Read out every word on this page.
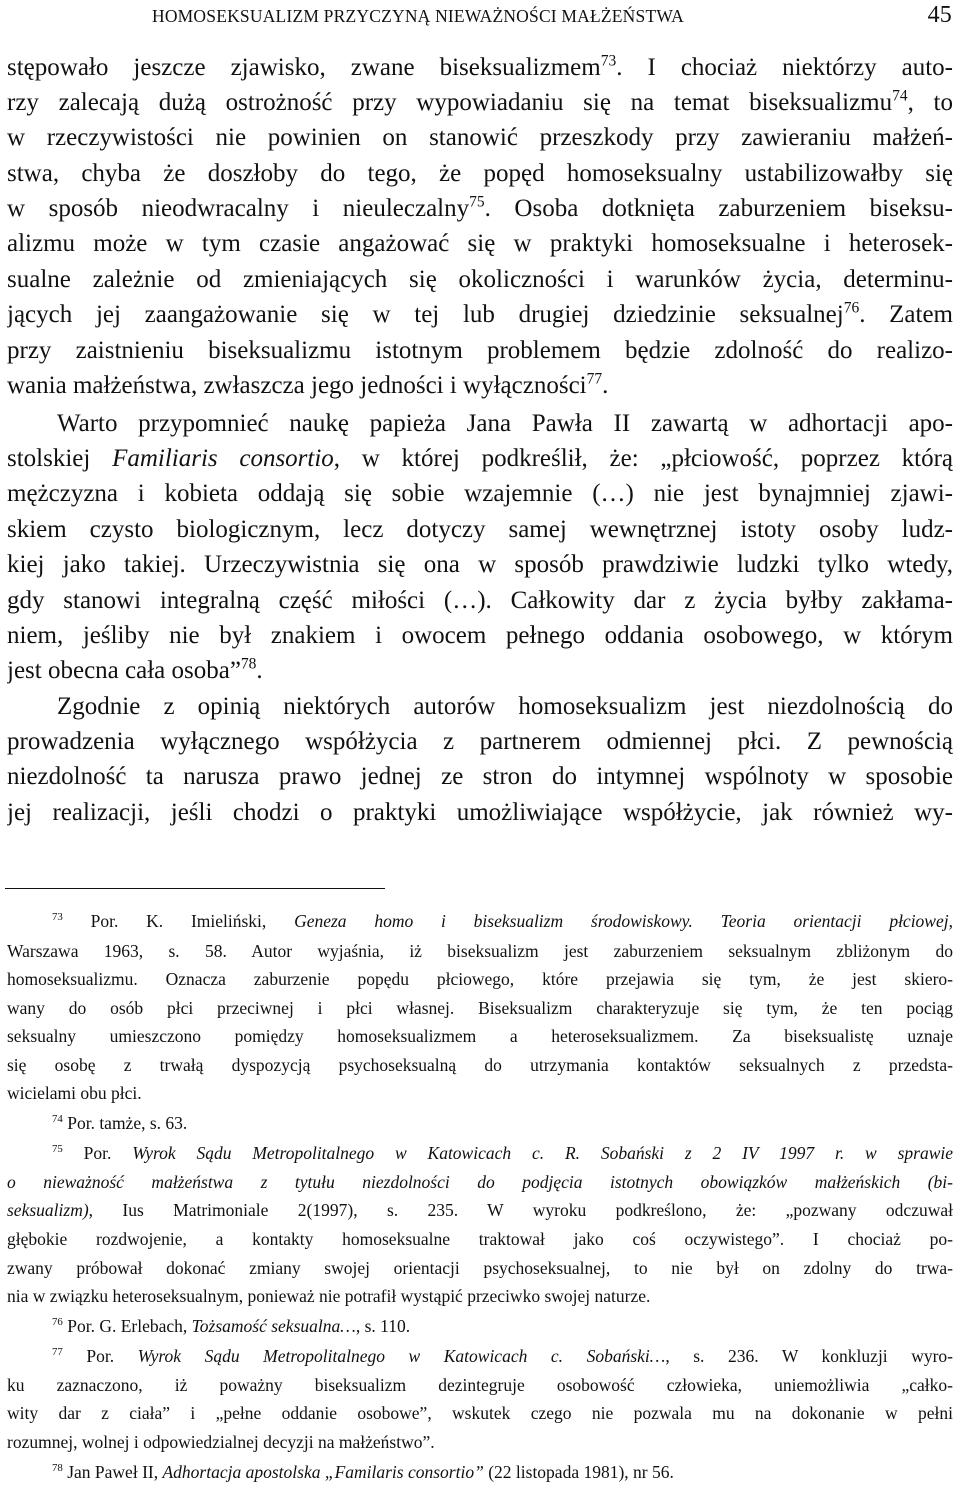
HOMOSEKSUALIZM PRZYCZYNĄ NIEWAŻNOŚCI MAŁŻEŃSTWA	45
stępowało jeszcze zjawisko, zwane biseksualizmem$^{73}$. I chociaż niektórzy auto-
rzy zalecają dużą ostrożność przy wypowiadaniu się na temat biseksualizmu$^{74}$, to
w rzeczywistości nie powinien on stanowić przeszkody przy zawieraniu małżeń-
stwa, chyba że doszłoby do tego, że popęd homoseksualny ustabilizowałby się
w sposób nieodwracalny i nieuleczalny$^{75}$. Osoba dotknięta zaburzeniem biseksu-
alizmu może w tym czasie angażować się w praktyki homoseksualne i heterosek-
sualne zależnie od zmieniających się okoliczności i warunków życia, determinu-
jących jej zaangażowanie się w tej lub drugiej dziedzinie seksualnej$^{76}$. Zatem
przy zaistnieniu biseksualizmu istotnym problemem będzie zdolność do realizo-
wania małżeństwa, zwłaszcza jego jedności i wyłączności$^{77}$.
Warto przypomnieć naukę papieża Jana Pawła II zawartą w adhortacji apo-
stolskiej Familiaris consortio, w której podkreślił, że: „płciowość, poprzez którą
mężczyzna i kobieta oddają się sobie wzajemnie (…) nie jest bynajmniej zjawi-
skiem czysto biologicznym, lecz dotyczy samej wewnętrznej istoty osoby ludz-
kiej jako takiej. Urzeczywistnia się ona w sposób prawdziwie ludzki tylko wtedy,
gdy stanowi integralną część miłości (…). Całkowity dar z życia byłby zakłama-
niem, jeśliby nie był znakiem i owocem pełnego oddania osobowego, w którym
jest obecna cała osoba”$^{78}$.
Zgodnie z opinią niektórych autorów homoseksualizm jest niezdolnością do
prowadzenia wyłącznego współżycia z partnerem odmiennej płci. Z pewnością
niezdolność ta narusza prawo jednej ze stron do intymnej wspólnoty w sposobie
jej realizacji, jeśli chodzi o praktyki umożliwiające współżycie, jak również wy-
$^{73}$ Por. K. Imieliński, Geneza homo i biseksualizm środowiskowy. Teoria orientacji płciowej,
Warszawa 1963, s. 58. Autor wyjaśnia, iż biseksualizm jest zaburzeniem seksualnym zbliżonym do
homoseksualizmu. Oznacza zaburzenie popędu płciowego, które przejawia się tym, że jest skiero-
wany do osób płci przeciwnej i płci własnej. Biseksualizm charakteryzuje się tym, że ten pociąg
seksualny umieszczono pomiędzy homoseksualizmem a heteroseksualizmem. Za biseksualistę uznaje
się osobę z trwałą dyspozycją psychoseksualną do utrzymania kontaktów seksualnych z przedsta-
wicielami obu płci.
$^{74}$ Por. tamże, s. 63.
$^{75}$ Por. Wyrok Sądu Metropolitalnego w Katowicach c. R. Sobański z 2 IV 1997 r. w sprawie
o nieważność małżeństwa z tytułu niezdolności do podjęcia istotnych obowiązków małżeńskich (bi-
seksualizm), Ius Matrimoniale 2(1997), s. 235. W wyroku podkreślono, że: „pozwany odczuwał
głębokie rozdwojenie, a kontakty homoseksualne traktował jako coś oczywistego”. I chociaż po-
zwany próbował dokonać zmiany swojej orientacji psychoseksualnej, to nie był on zdolny do trwa-
nia w związku heteroseksualnym, ponieważ nie potrafił wystąpić przeciwko swojej naturze.
$^{76}$ Por. G. Erlebach, Tożsamość seksualna…, s. 110.
$^{77}$ Por. Wyrok Sądu Metropolitalnego w Katowicach c. Sobański…, s. 236. W konkluzji wyro-
ku zaznaczono, iż poważny biseksualizm dezintegruje osobowość człowieka, uniemożliwia „całko-
wity dar z ciała” i „pełne oddanie osobowe”, wskutek czego nie pozwala mu na dokonanie w pełni
rozumnej, wolnej i odpowiedzialnej decyzji na małżeństwo”.
$^{78}$ Jan Paweł II, Adhortacja apostolska „Familaris consortio” (22 listopada 1981), nr 56.
